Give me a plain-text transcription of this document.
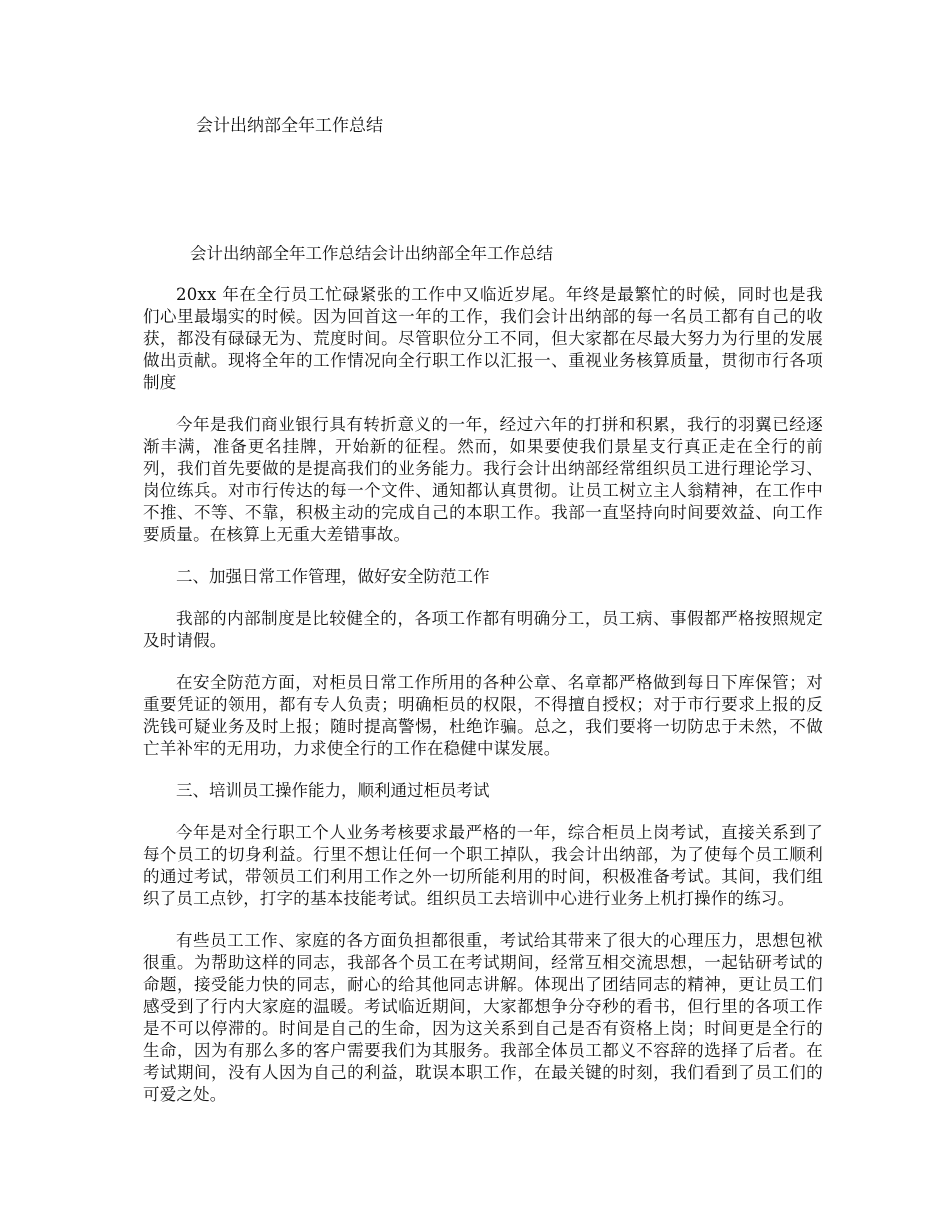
会计出纳部全年工作总结
会计出纳部全年工作总结会计出纳部全年工作总结

20xx 年在全行员工忙碌紧张的工作中又临近岁尾。年终是最繁忙的时候，同时也是我们心里最塌实的时候。因为回首这一年的工作，我们会计出纳部的每一名员工都有自己的收获，都没有碌碌无为、荒度时间。尽管职位分工不同，但大家都在尽最大努力为行里的发展做出贡献。现将全年的工作情况向全行职工作以汇报一、重视业务核算质量，贯彻市行各项制度

今年是我们商业银行具有转折意义的一年，经过六年的打拼和积累，我行的羽翼已经逐渐丰满，准备更名挂牌，开始新的征程。然而，如果要使我们景星支行真正走在全行的前列，我们首先要做的是提高我们的业务能力。我行会计出纳部经常组织员工进行理论学习、岗位练兵。对市行传达的每一个文件、通知都认真贯彻。让员工树立主人翁精神，在工作中不推、不等、不靠，积极主动的完成自己的本职工作。我部一直坚持向时间要效益、向工作要质量。在核算上无重大差错事故。

二、加强日常工作管理，做好安全防范工作

我部的内部制度是比较健全的，各项工作都有明确分工，员工病、事假都严格按照规定及时请假。

在安全防范方面，对柜员日常工作所用的各种公章、名章都严格做到每日下库保管；对重要凭证的领用，都有专人负责；明确柜员的权限，不得擅自授权；对于市行要求上报的反洗钱可疑业务及时上报；随时提高警惕，杜绝诈骗。总之，我们要将一切防忠于未然，不做亡羊补牢的无用功，力求使全行的工作在稳健中谋发展。

三、培训员工操作能力，顺利通过柜员考试

今年是对全行职工个人业务考核要求最严格的一年，综合柜员上岗考试，直接关系到了每个员工的切身利益。行里不想让任何一个职工掉队，我会计出纳部，为了使每个员工顺利的通过考试，带领员工们利用工作之外一切所能利用的时间，积极准备考试。其间，我们组织了员工点钞，打字的基本技能考试。组织员工去培训中心进行业务上机打操作的练习。

有些员工工作、家庭的各方面负担都很重，考试给其带来了很大的心理压力，思想包袱很重。为帮助这样的同志，我部各个员工在考试期间，经常互相交流思想，一起钻研考试的命题，接受能力快的同志，耐心的给其他同志讲解。体现出了团结同志的精神，更让员工们感受到了行内大家庭的温暖。考试临近期间，大家都想争分夺秒的看书，但行里的各项工作是不可以停滞的。时间是自己的生命，因为这关系到自己是否有资格上岗；时间更是全行的生命，因为有那么多的客户需要我们为其服务。我部全体员工都义不容辞的选择了后者。在考试期间，没有人因为自己的利益，耽误本职工作，在最关键的时刻，我们看到了员工们的可爱之处。
